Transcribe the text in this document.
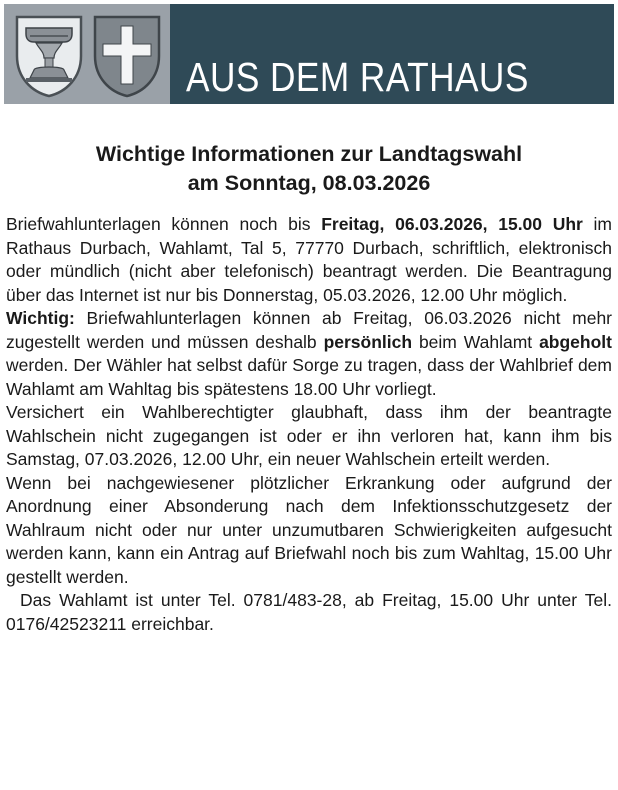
AUS DEM RATHAUS
Wichtige Informationen zur Landtagswahl
am Sonntag, 08.03.2026

Briefwahlunterlagen können noch bis Freitag, 06.03.2026, 15.00 Uhr im Rathaus Durbach, Wahlamt, Tal 5, 77770 Durbach, schriftlich, elektronisch oder mündlich (nicht aber telefonisch) beantragt werden. Die Beantragung über das Internet ist nur bis Donnerstag, 05.03.2026, 12.00 Uhr möglich.

Wichtig: Briefwahlunterlagen können ab Freitag, 06.03.2026 nicht mehr zugestellt werden und müssen deshalb persönlich beim Wahlamt abgeholt werden. Der Wähler hat selbst dafür Sorge zu tragen, dass der Wahlbrief dem Wahlamt am Wahltag bis spätestens 18.00 Uhr vorliegt.

Versichert ein Wahlberechtigter glaubhaft, dass ihm der beantragte Wahlschein nicht zugegangen ist oder er ihn verloren hat, kann ihm bis Samstag, 07.03.2026, 12.00 Uhr, ein neuer Wahlschein erteilt werden.

Wenn bei nachgewiesener plötzlicher Erkrankung oder aufgrund der Anordnung einer Absonderung nach dem Infektionsschutzgesetz der Wahlraum nicht oder nur unter unzumutbaren Schwierigkeiten aufgesucht werden kann, kann ein Antrag auf Briefwahl noch bis zum Wahltag, 15.00 Uhr gestellt werden.

Das Wahlamt ist unter Tel. 0781/483-28, ab Freitag, 15.00 Uhr unter Tel. 0176/42523211 erreichbar.
